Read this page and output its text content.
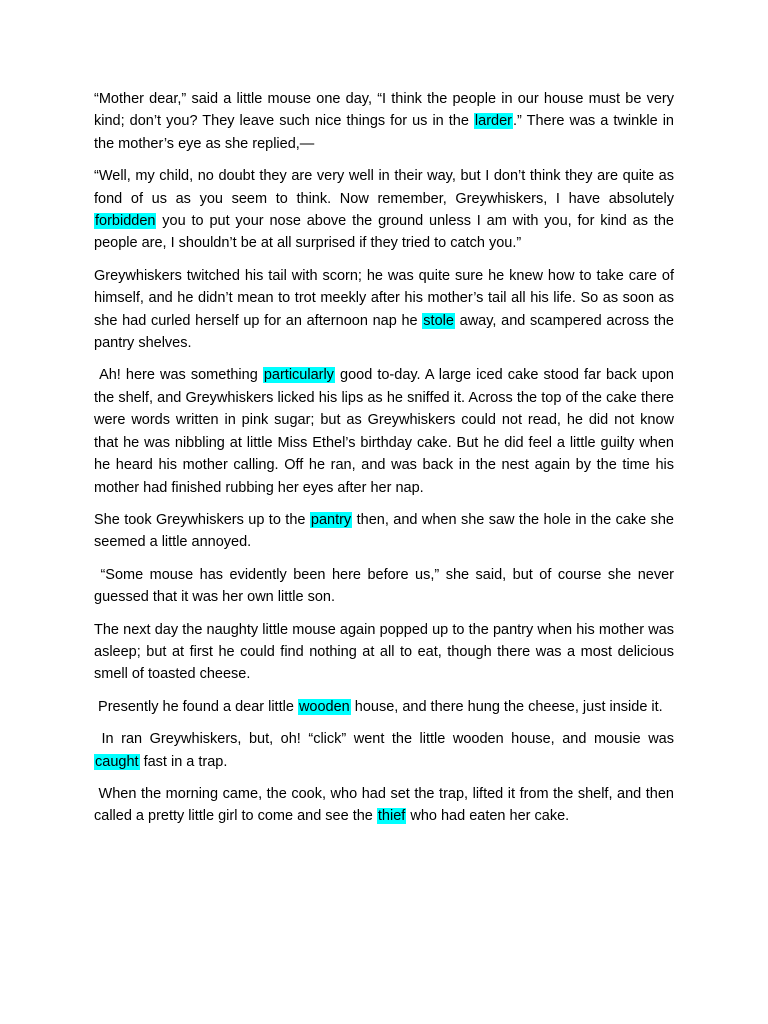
“Mother dear,” said a little mouse one day, “I think the people in our house must be very kind; don’t you? They leave such nice things for us in the larder.” There was a twinkle in the mother’s eye as she replied,—

“Well, my child, no doubt they are very well in their way, but I don’t think they are quite as fond of us as you seem to think. Now remember, Greywhiskers, I have absolutely forbidden you to put your nose above the ground unless I am with you, for kind as the people are, I shouldn’t be at all surprised if they tried to catch you.”

Greywhiskers twitched his tail with scorn; he was quite sure he knew how to take care of himself, and he didn’t mean to trot meekly after his mother’s tail all his life. So as soon as she had curled herself up for an afternoon nap he stole away, and scampered across the pantry shelves.

Ah! here was something particularly good to-day. A large iced cake stood far back upon the shelf, and Greywhiskers licked his lips as he sniffed it. Across the top of the cake there were words written in pink sugar; but as Greywhiskers could not read, he did not know that he was nibbling at little Miss Ethel’s birthday cake. But he did feel a little guilty when he heard his mother calling. Off he ran, and was back in the nest again by the time his mother had finished rubbing her eyes after her nap.

She took Greywhiskers up to the pantry then, and when she saw the hole in the cake she seemed a little annoyed.

“Some mouse has evidently been here before us,” she said, but of course she never guessed that it was her own little son.

The next day the naughty little mouse again popped up to the pantry when his mother was asleep; but at first he could find nothing at all to eat, though there was a most delicious smell of toasted cheese.

Presently he found a dear little wooden house, and there hung the cheese, just inside it.

In ran Greywhiskers, but, oh! “click” went the little wooden house, and mousie was caught fast in a trap.

When the morning came, the cook, who had set the trap, lifted it from the shelf, and then called a pretty little girl to come and see the thief who had eaten her cake.
